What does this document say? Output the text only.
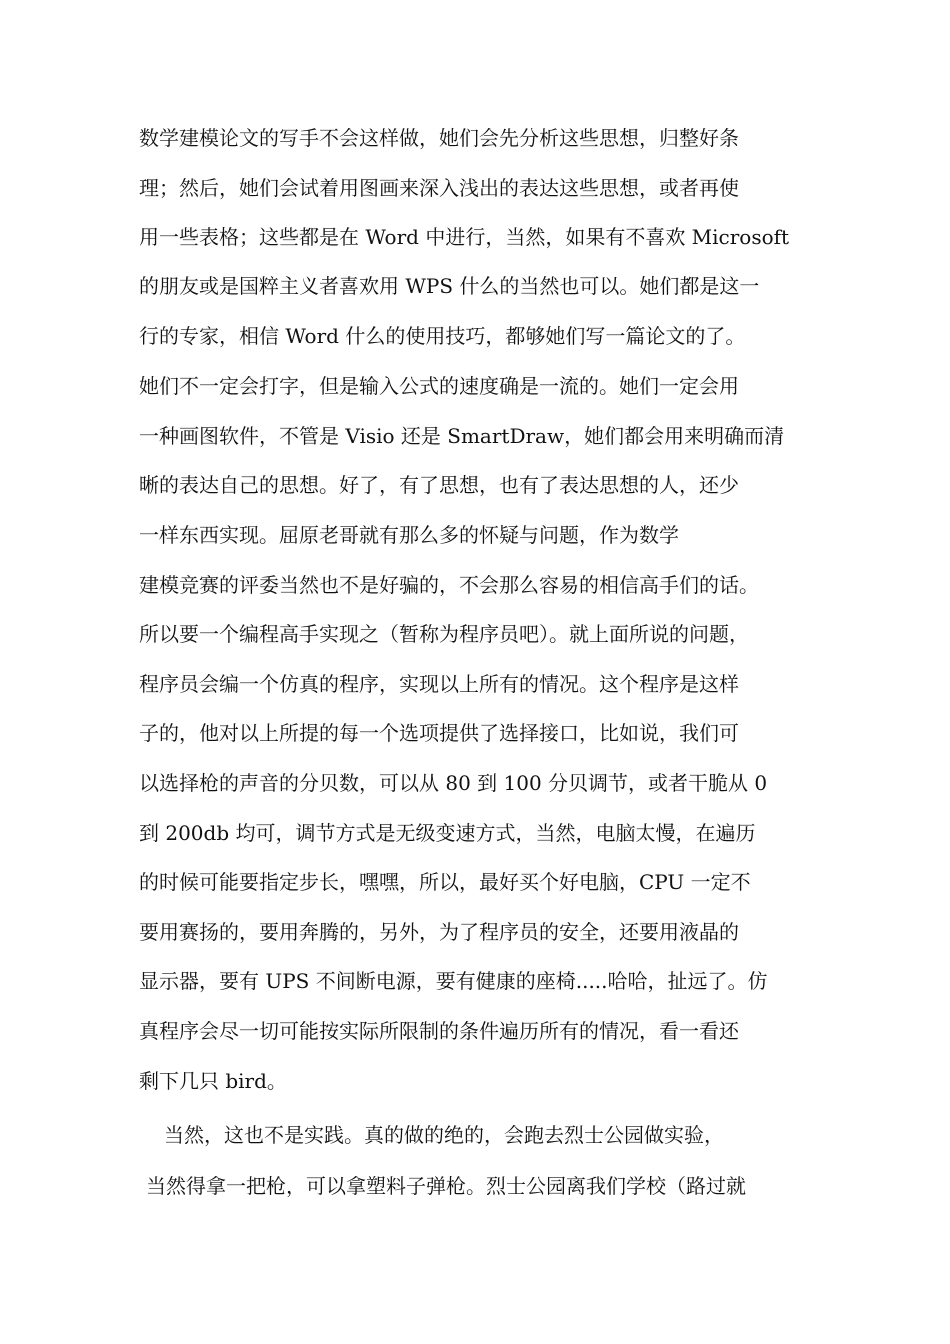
数学建模论文的写手不会这样做，她们会先分析这些思想，归整好条
理；然后，她们会试着用图画来深入浅出的表达这些思想，或者再使
用一些表格；这些都是在 Word 中进行，当然，如果有不喜欢 Microsoft
的朋友或是国粹主义者喜欢用 WPS 什么的当然也可以。她们都是这一
行的专家，相信 Word 什么的使用技巧，都够她们写一篇论文的了。
她们不一定会打字，但是输入公式的速度确是一流的。她们一定会用
一种画图软件，不管是 Visio 还是 SmartDraw，她们都会用来明确而清
晰的表达自己的思想。好了，有了思想，也有了表达思想的人，还少
一样东西实现。屈原老哥就有那么多的怀疑与问题，作为数学
建模竞赛的评委当然也不是好骗的，不会那么容易的相信高手们的话。
所以要一个编程高手实现之（暂称为程序员吧）。就上面所说的问题，
程序员会编一个仿真的程序，实现以上所有的情况。这个程序是这样
子的，他对以上所提的每一个选项提供了选择接口，比如说，我们可
以选择枪的声音的分贝数，可以从 80 到 100 分贝调节，或者干脆从 0
到 200db 均可，调节方式是无级变速方式，当然，电脑太慢，在遍历
的时候可能要指定步长，嘿嘿，所以，最好买个好电脑，CPU 一定不
要用赛扬的，要用奔腾的，另外，为了程序员的安全，还要用液晶的
显示器，要有 UPS 不间断电源，要有健康的座椅.....哈哈，扯远了。仿
真程序会尽一切可能按实际所限制的条件遍历所有的情况，看一看还
剩下几只 bird。
当然，这也不是实践。真的做的绝的，会跑去烈士公园做实验，
当然得拿一把枪，可以拿塑料子弹枪。烈士公园离我们学校（路过就
